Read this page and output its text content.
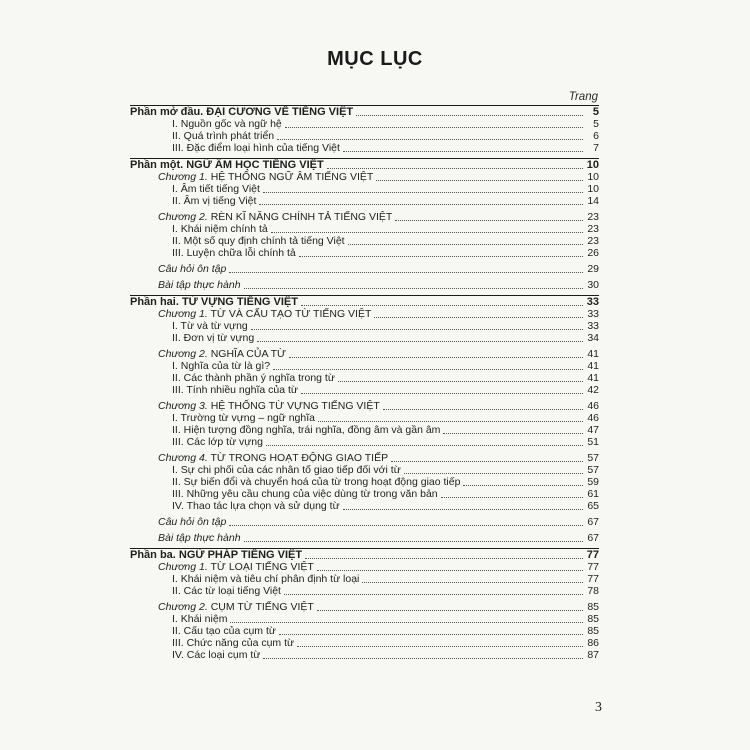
MỤC LỤC
Trang
Phần mở đầu. ĐẠI CƯƠNG VỀ TIẾNG VIỆT	5
I. Nguồn gốc và ngữ hệ	5
II. Quá trình phát triển	6
III. Đặc điểm loại hình của tiếng Việt	7
Phần một. NGỮ ÂM HỌC TIẾNG VIỆT	10
Chương 1. HỆ THỐNG NGỮ ÂM TIẾNG VIỆT	10
I. Âm tiết tiếng Việt	10
II. Âm vị tiếng Việt	14
Chương 2. RÈN KĨ NĂNG CHÍNH TẢ TIẾNG VIỆT	23
I. Khái niệm chính tả	23
II. Một số quy định chính tả tiếng Việt	23
III. Luyện chữa lỗi chính tả	26
Câu hỏi ôn tập	29
Bài tập thực hành	30
Phần hai. TỪ VỰNG TIẾNG VIỆT	33
Chương 1. TỪ VÀ CẤU TẠO TỪ TIẾNG VIỆT	33
I. Từ và từ vựng	33
II. Đơn vị từ vựng	34
Chương 2. NGHĨA CỦA TỪ	41
I. Nghĩa của từ là gì?	41
II. Các thành phần ý nghĩa trong từ	41
III. Tính nhiều nghĩa của từ	42
Chương 3. HỆ THỐNG TỪ VỰNG TIẾNG VIỆT	46
I. Trường từ vựng – ngữ nghĩa	46
II. Hiện tượng đồng nghĩa, trái nghĩa, đồng âm và gần âm	47
III. Các lớp từ vựng	51
Chương 4. TỪ TRONG HOẠT ĐỘNG GIAO TIẾP	57
I. Sự chi phối của các nhân tố giao tiếp đối với từ	57
II. Sự biến đổi và chuyển hoá của từ trong hoạt động giao tiếp	59
III. Những yêu cầu chung của việc dùng từ trong văn bản	61
IV. Thao tác lựa chọn và sử dụng từ	65
Câu hỏi ôn tập	67
Bài tập thực hành	67
Phần ba. NGỮ PHÁP TIẾNG VIỆT	77
Chương 1. TỪ LOẠI TIẾNG VIỆT	77
I. Khái niệm và tiêu chí phân định từ loại	77
II. Các từ loại tiếng Việt	78
Chương 2. CỤM TỪ TIẾNG VIỆT	85
I. Khái niệm	85
II. Cấu tạo của cụm từ	85
III. Chức năng của cụm từ	86
IV. Các loại cụm từ	87
3
